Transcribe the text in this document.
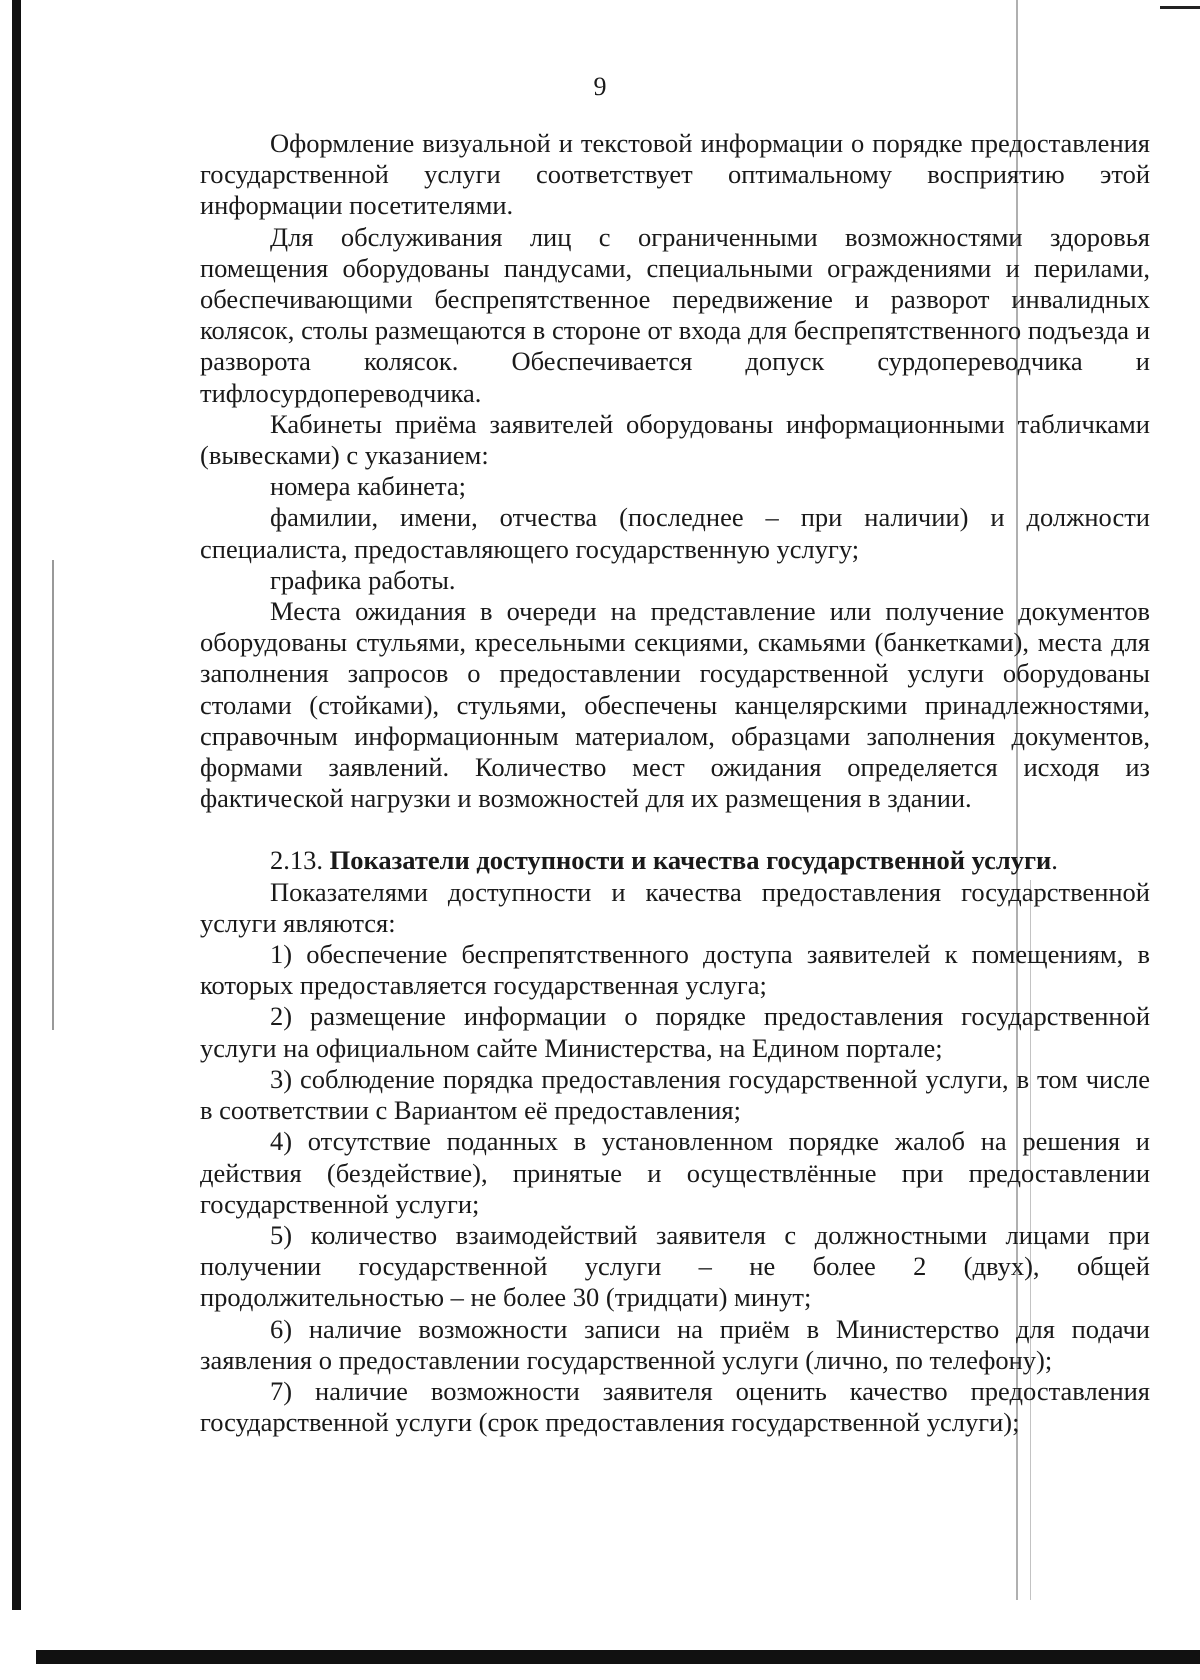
9

Оформление визуальной и текстовой информации о порядке предоставления государственной услуги соответствует оптимальному восприятию этой информации посетителями.

Для обслуживания лиц с ограниченными возможностями здоровья помещения оборудованы пандусами, специальными ограждениями и перилами, обеспечивающими беспрепятственное передвижение и разворот инвалидных колясок, столы размещаются в стороне от входа для беспрепятственного подъезда и разворота колясок. Обеспечивается допуск сурдопереводчика и тифлосурдопереводчика.

Кабинеты приёма заявителей оборудованы информационными табличками (вывесками) с указанием:

номера кабинета;

фамилии, имени, отчества (последнее – при наличии) и должности специалиста, предоставляющего государственную услугу;

графика работы.

Места ожидания в очереди на представление или получение документов оборудованы стульями, кресельными секциями, скамьями (банкетками), места для заполнения запросов о предоставлении государственной услуги оборудованы столами (стойками), стульями, обеспечены канцелярскими принадлежностями, справочным информационным материалом, образцами заполнения документов, формами заявлений. Количество мест ожидания определяется исходя из фактической нагрузки и возможностей для их размещения в здании.

2.13. Показатели доступности и качества государственной услуги.

Показателями доступности и качества предоставления государственной услуги являются:

1) обеспечение беспрепятственного доступа заявителей к помещениям, в которых предоставляется государственная услуга;

2) размещение информации о порядке предоставления государственной услуги на официальном сайте Министерства, на Едином портале;

3) соблюдение порядка предоставления государственной услуги, в том числе в соответствии с Вариантом её предоставления;

4) отсутствие поданных в установленном порядке жалоб на решения и действия (бездействие), принятые и осуществлённые при предоставлении государственной услуги;

5) количество взаимодействий заявителя с должностными лицами при получении государственной услуги – не более 2 (двух), общей продолжительностью – не более 30 (тридцати) минут;

6) наличие возможности записи на приём в Министерство для подачи заявления о предоставлении государственной услуги (лично, по телефону);

7) наличие возможности заявителя оценить качество предоставления государственной услуги (срок предоставления государственной услуги);
